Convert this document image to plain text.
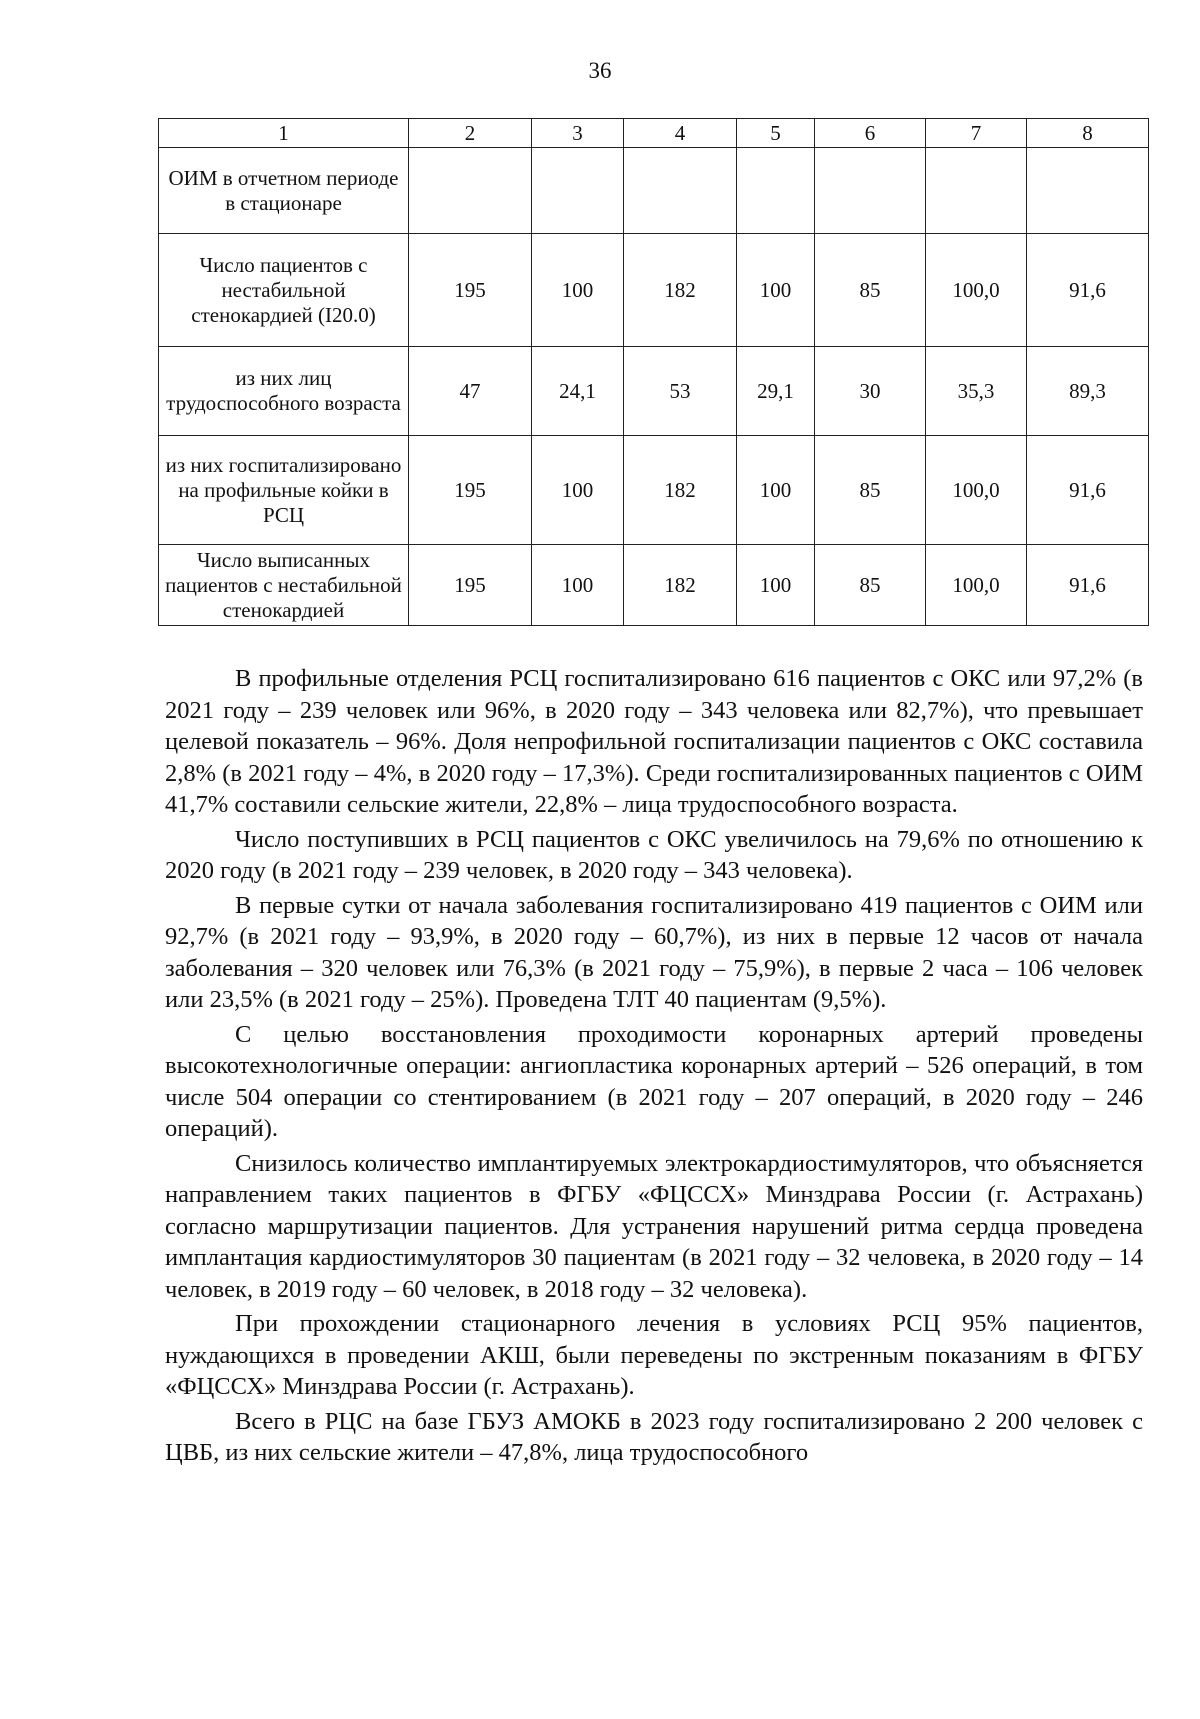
36
1	2	3	4	5	6	7	8
ОИМ в отчетном периоде в стационаре							
Число пациентов с нестабильной стенокардией (I20.0)	195	100	182	100	85	100,0	91,6
из них лиц трудоспособного возраста	47	24,1	53	29,1	30	35,3	89,3
из них госпитализировано на профильные койки в РСЦ	195	100	182	100	85	100,0	91,6
Число выписанных пациентов с нестабильной стенокардией	195	100	182	100	85	100,0	91,6

В профильные отделения РСЦ госпитализировано 616 пациентов с ОКС или 97,2% (в 2021 году – 239 человек или 96%, в 2020 году – 343 человека или 82,7%), что превышает целевой показатель – 96%. Доля непрофильной госпитализации пациентов с ОКС составила 2,8% (в 2021 году – 4%, в 2020 году – 17,3%). Среди госпитализированных пациентов с ОИМ 41,7% составили сельские жители, 22,8% – лица трудоспособного возраста.

Число поступивших в РСЦ пациентов с ОКС увеличилось на 79,6% по отношению к 2020 году (в 2021 году – 239 человек, в 2020 году – 343 человека).

В первые сутки от начала заболевания госпитализировано 419 пациентов с ОИМ или 92,7% (в 2021 году – 93,9%, в 2020 году – 60,7%), из них в первые 12 часов от начала заболевания – 320 человек или 76,3% (в 2021 году – 75,9%), в первые 2 часа – 106 человек или 23,5% (в 2021 году – 25%). Проведена ТЛТ 40 пациентам (9,5%).

С целью восстановления проходимости коронарных артерий проведены высокотехнологичные операции: ангиопластика коронарных артерий – 526 операций, в том числе 504 операции со стентированием (в 2021 году – 207 операций, в 2020 году – 246 операций).

Снизилось количество имплантируемых электрокардиостимуляторов, что объясняется направлением таких пациентов в ФГБУ «ФЦССХ» Минздрава России (г. Астрахань) согласно маршрутизации пациентов. Для устранения нарушений ритма сердца проведена имплантация кардиостимуляторов 30 пациентам (в 2021 году – 32 человека, в 2020 году – 14 человек, в 2019 году – 60 человек, в 2018 году – 32 человека).

При прохождении стационарного лечения в условиях РСЦ 95% пациентов, нуждающихся в проведении АКШ, были переведены по экстренным показаниям в ФГБУ «ФЦССХ» Минздрава России (г. Астрахань).

Всего в РЦС на базе ГБУЗ АМОКБ в 2023 году госпитализировано 2 200 человек с ЦВБ, из них сельские жители – 47,8%, лица трудоспособного
